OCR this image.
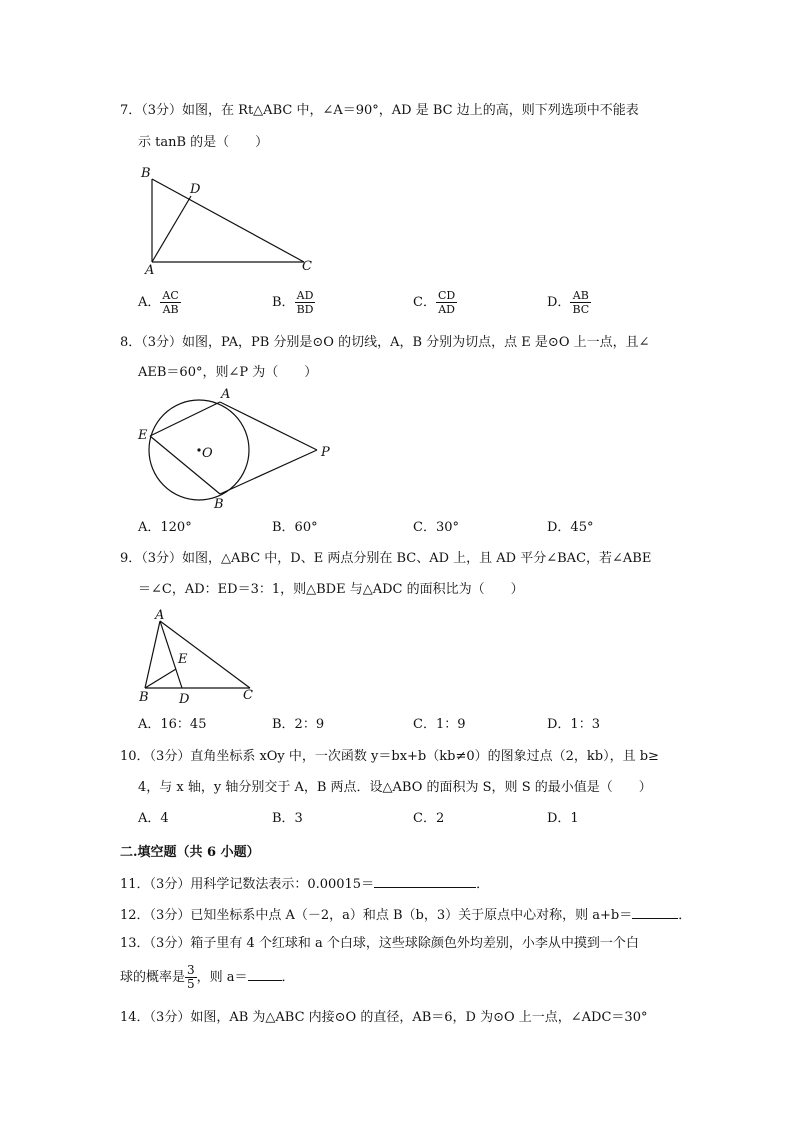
7．（3分）如图，在 Rt△ABC 中，∠A＝90°，AD 是 BC 边上的高，则下列选项中不能表
示 tanB 的是（　　）
B
D
A	C
A． $\frac{AC}{AB}$	B． $\frac{AD}{BD}$	C． $\frac{CD}{AD}$	D． $\frac{AB}{BC}$
8．（3分）如图，PA，PB 分别是⊙O 的切线，A，B 分别为切点，点 E 是⊙O 上一点，且∠
AEB＝60°，则∠P 为（　　）
A
E
O	P
B
A．120°	B．60°	C．30°	D．45°
9．（3分）如图，△ABC 中，D、E 两点分别在 BC、AD 上，且 AD 平分∠BAC，若∠ABE
＝∠C，AD：ED＝3：1，则△BDE 与△ADC 的面积比为（　　）
A
E
B D	C
A．16：45	B．2：9	C．1：9	D．1：3
10．（3分）直角坐标系 xOy 中，一次函数 y＝bx+b（kb≠0）的图象过点（2，kb），且 b≥
4，与 x 轴，y 轴分别交于 A，B 两点．设△ABO 的面积为 S，则 S 的最小值是（　　）
A．4	B．3	C．2	D．1
二.填空题（共 6 小题）
11．（3分）用科学记数法表示：0.00015＝	．
12．（3分）已知坐标系中点 A（－2，a）和点 B（b，3）关于原点中心对称，则 a+b＝	．
13．（3分）箱子里有 4 个红球和 a 个白球，这些球除颜色外均差别，小李从中摸到一个白
球的概率是 $\frac{3}{5}$ ，则 a＝	．
14．（3分）如图，AB 为△ABC 内接⊙O 的直径，AB＝6，D 为⊙O 上一点，∠ADC＝30°
